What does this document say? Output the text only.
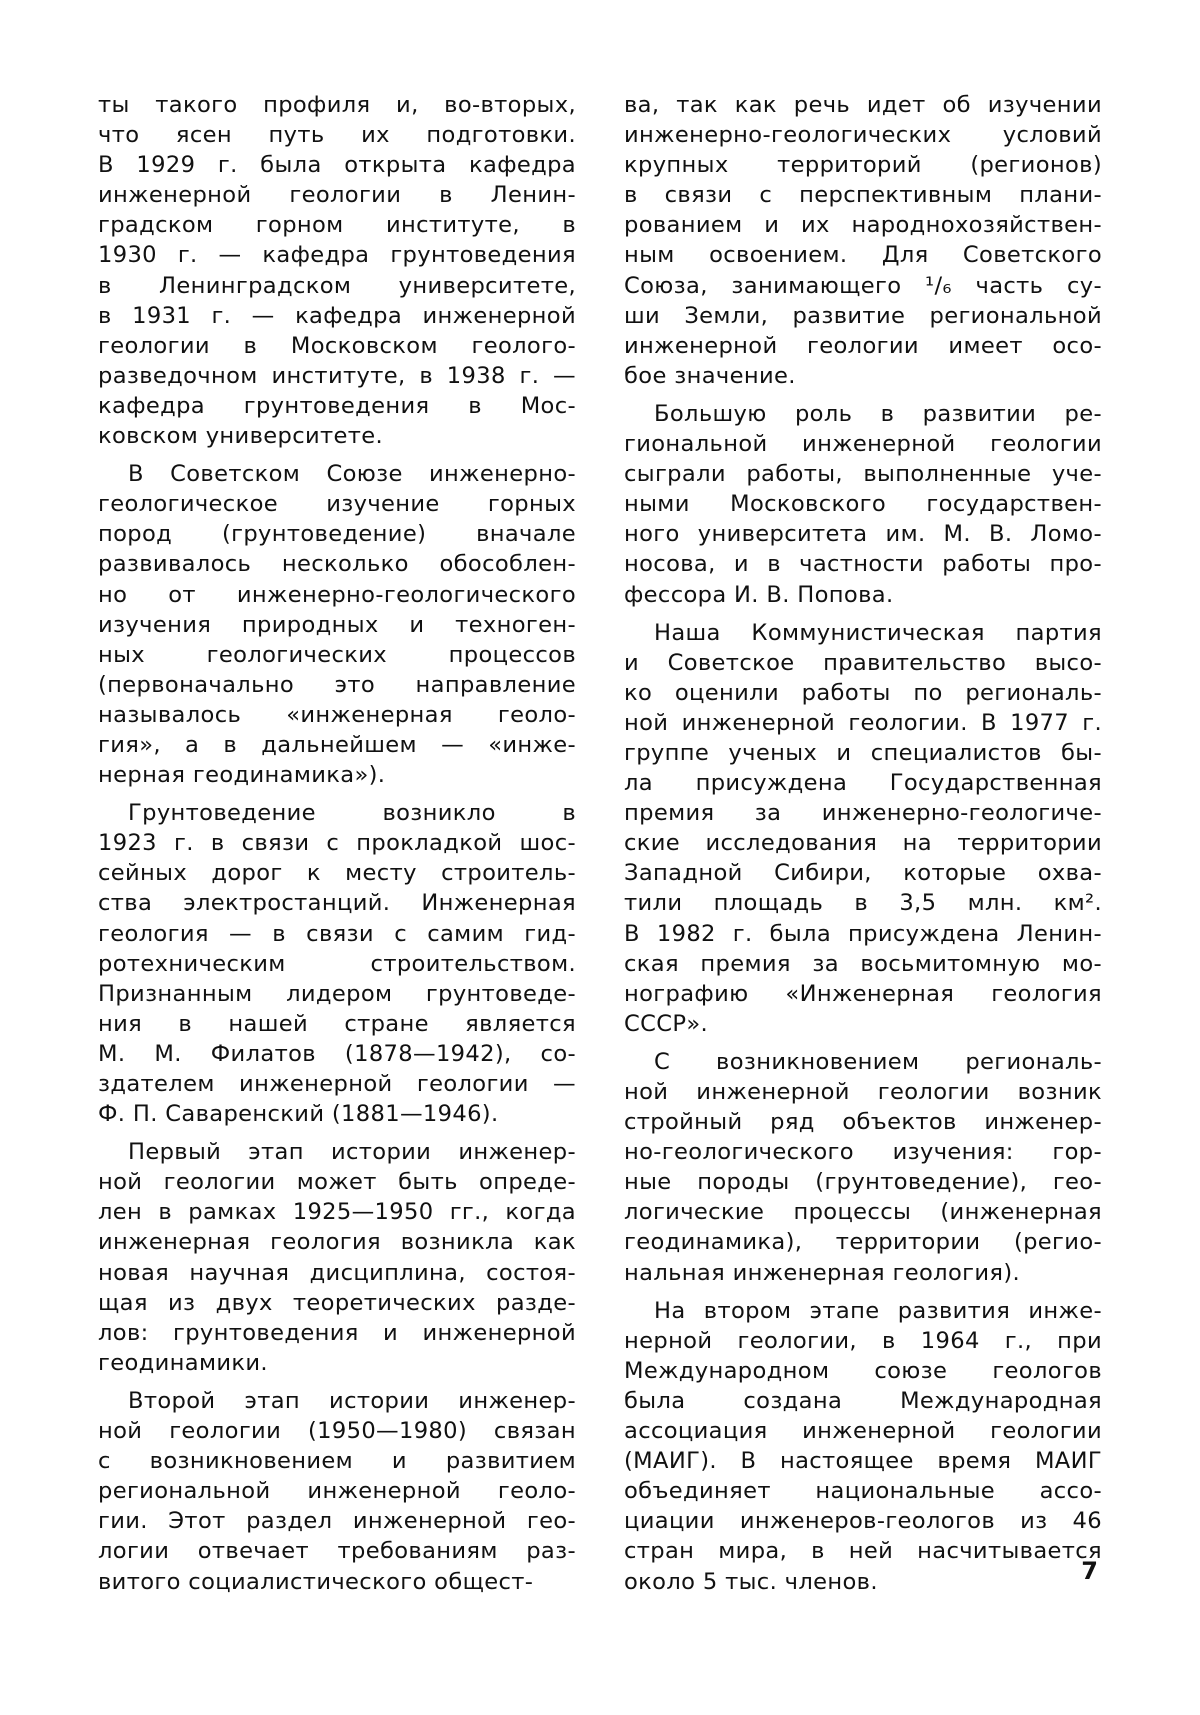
ты такого профиля и, во-вторых,
что ясен путь их подготовки.
В 1929 г. была открыта кафедра
инженерной геологии в Ленин-
градском горном институте, в
1930 г. — кафедра грунтоведения
в Ленинградском университете,
в 1931 г. — кафедра инженерной
геологии в Московском геолого-
разведочном институте, в 1938 г. —
кафедра грунтоведения в Мос-
ковском университете.
В Советском Союзе инженерно-
геологическое изучение горных
пород (грунтоведение) вначале
развивалось несколько обособлен-
но от инженерно-геологического
изучения природных и техноген-
ных геологических процессов
(первоначально это направление
называлось «инженерная геоло-
гия», а в дальнейшем — «инже-
нерная геодинамика»).
Грунтоведение возникло в
1923 г. в связи с прокладкой шос-
сейных дорог к месту строитель-
ства электростанций. Инженерная
геология — в связи с самим гид-
ротехническим строительством.
Признанным лидером грунтоведе-
ния в нашей стране является
М. М. Филатов (1878—1942), со-
здателем инженерной геологии —
Ф. П. Саваренский (1881—1946).
Первый этап истории инженер-
ной геологии может быть опреде-
лен в рамках 1925—1950 гг., когда
инженерная геология возникла как
новая научная дисциплина, состоя-
щая из двух теоретических разде-
лов: грунтоведения и инженерной
геодинамики.
Второй этап истории инженер-
ной геологии (1950—1980) связан
с возникновением и развитием
региональной инженерной геоло-
гии. Этот раздел инженерной гео-
логии отвечает требованиям раз-
витого социалистического общест-
ва, так как речь идет об изучении
инженерно-геологических условий
крупных территорий (регионов)
в связи с перспективным плани-
рованием и их народнохозяйствен-
ным освоением. Для Советского
Союза, занимающего ¹/₆ часть су-
ши Земли, развитие региональной
инженерной геологии имеет осо-
бое значение.
Большую роль в развитии ре-
гиональной инженерной геологии
сыграли работы, выполненные уче-
ными Московского государствен-
ного университета им. М. В. Ломо-
носова, и в частности работы про-
фессора И. В. Попова.
Наша Коммунистическая партия
и Советское правительство высо-
ко оценили работы по региональ-
ной инженерной геологии. В 1977 г.
группе ученых и специалистов бы-
ла присуждена Государственная
премия за инженерно-геологиче-
ские исследования на территории
Западной Сибири, которые охва-
тили площадь в 3,5 млн. км².
В 1982 г. была присуждена Ленин-
ская премия за восьмитомную мо-
нографию «Инженерная геология
СССР».
С возникновением региональ-
ной инженерной геологии возник
стройный ряд объектов инженер-
но-геологического изучения: гор-
ные породы (грунтоведение), гео-
логические процессы (инженерная
геодинамика), территории (регио-
нальная инженерная геология).
На втором этапе развития инже-
нерной геологии, в 1964 г., при
Международном союзе геологов
была создана Международная
ассоциация инженерной геологии
(МАИГ). В настоящее время МАИГ
объединяет национальные ассо-
циации инженеров-геологов из 46
стран мира, в ней насчитывается
около 5 тыс. членов.	7
